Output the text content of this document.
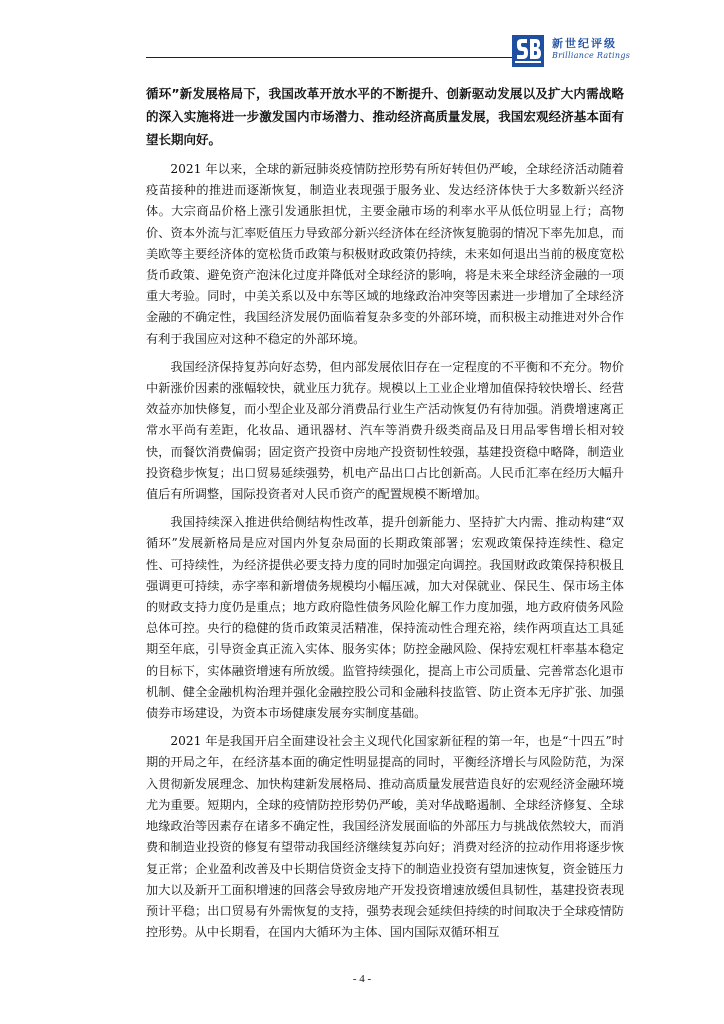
新世纪评级
Brilliance Ratings

循环”新发展格局下，我国改革开放水平的不断提升、创新驱动发展以及扩大内需战略的深入实施将进一步激发国内市场潜力、推动经济高质量发展，我国宏观经济基本面有望长期向好。

2021 年以来，全球的新冠肺炎疫情防控形势有所好转但仍严峻，全球经济活动随着疫苗接种的推进而逐渐恢复，制造业表现强于服务业、发达经济体快于大多数新兴经济体。大宗商品价格上涨引发通胀担忧，主要金融市场的利率水平从低位明显上行；高物价、资本外流与汇率贬值压力导致部分新兴经济体在经济恢复脆弱的情况下率先加息，而美欧等主要经济体的宽松货币政策与积极财政政策仍持续，未来如何退出当前的极度宽松货币政策、避免资产泡沫化过度并降低对全球经济的影响，将是未来全球经济金融的一项重大考验。同时，中美关系以及中东等区域的地缘政治冲突等因素进一步增加了全球经济金融的不确定性，我国经济发展仍面临着复杂多变的外部环境，而积极主动推进对外合作有利于我国应对这种不稳定的外部环境。

我国经济保持复苏向好态势，但内部发展依旧存在一定程度的不平衡和不充分。物价中新涨价因素的涨幅较快，就业压力犹存。规模以上工业企业增加值保持较快增长、经营效益亦加快修复，而小型企业及部分消费品行业生产活动恢复仍有待加强。消费增速离正常水平尚有差距，化妆品、通讯器材、汽车等消费升级类商品及日用品零售增长相对较快，而餐饮消费偏弱；固定资产投资中房地产投资韧性较强，基建投资稳中略降，制造业投资稳步恢复；出口贸易延续强势，机电产品出口占比创新高。人民币汇率在经历大幅升值后有所调整，国际投资者对人民币资产的配置规模不断增加。

我国持续深入推进供给侧结构性改革，提升创新能力、坚持扩大内需、推动构建“双循环”发展新格局是应对国内外复杂局面的长期政策部署；宏观政策保持连续性、稳定性、可持续性，为经济提供必要支持力度的同时加强定向调控。我国财政政策保持积极且强调更可持续，赤字率和新增债务规模均小幅压减，加大对保就业、保民生、保市场主体的财政支持力度仍是重点；地方政府隐性债务风险化解工作力度加强，地方政府债务风险总体可控。央行的稳健的货币政策灵活精准，保持流动性合理充裕，续作两项直达工具延期至年底，引导资金真正流入实体、服务实体；防控金融风险、保持宏观杠杆率基本稳定的目标下，实体融资增速有所放缓。监管持续强化，提高上市公司质量、完善常态化退市机制、健全金融机构治理并强化金融控股公司和金融科技监管、防止资本无序扩张、加强债券市场建设，为资本市场健康发展夯实制度基础。

2021 年是我国开启全面建设社会主义现代化国家新征程的第一年，也是“十四五”时期的开局之年，在经济基本面的确定性明显提高的同时，平衡经济增长与风险防范，为深入贯彻新发展理念、加快构建新发展格局、推动高质量发展营造良好的宏观经济金融环境尤为重要。短期内，全球的疫情防控形势仍严峻，美对华战略遏制、全球经济修复、全球地缘政治等因素存在诸多不确定性，我国经济发展面临的外部压力与挑战依然较大，而消费和制造业投资的修复有望带动我国经济继续复苏向好；消费对经济的拉动作用将逐步恢复正常；企业盈利改善及中长期信贷资金支持下的制造业投资有望加速恢复，资金链压力加大以及新开工面积增速的回落会导致房地产开发投资增速放缓但具韧性，基建投资表现预计平稳；出口贸易有外需恢复的支持，强势表现会延续但持续的时间取决于全球疫情防控形势。从中长期看，在国内大循环为主体、国内国际双循环相互

- 4 -
